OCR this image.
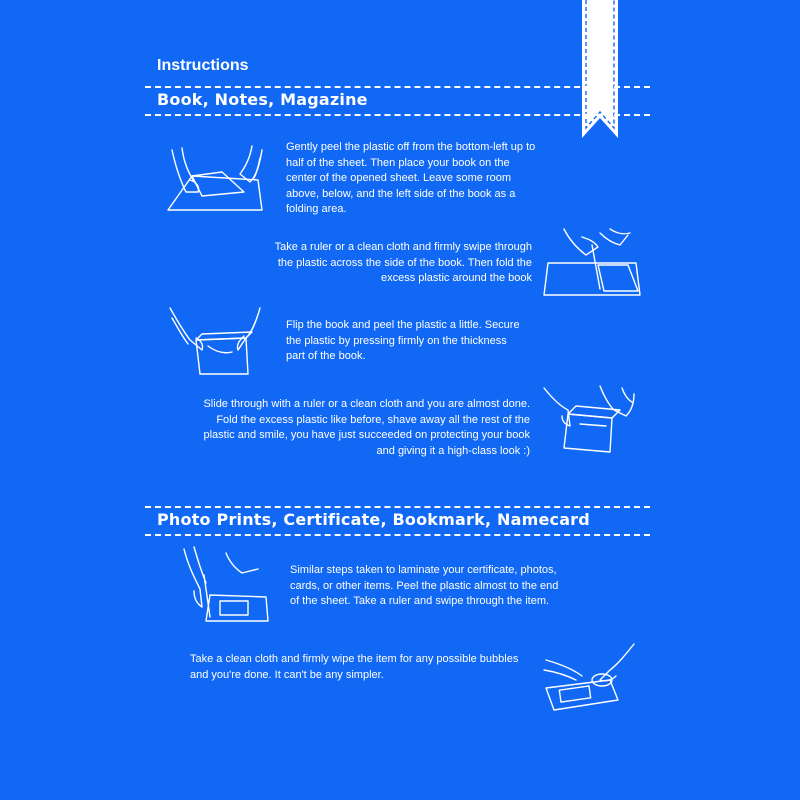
Instructions
Book, Notes, Magazine

Gently peel the plastic off from the bottom-left up to half of the sheet. Then place your book on the center of the opened sheet. Leave some room above, below, and the left side of the book as a folding area.

Take a ruler or a clean cloth and firmly swipe through the plastic across the side of the book. Then fold the excess plastic around the book

Flip the book and peel the plastic a little. Secure the plastic by pressing firmly on the thickness part of the book.

Slide through with a ruler or a clean cloth and you are almost done. Fold the excess plastic like before, shave away all the rest of the plastic and smile, you have just succeeded on protecting your book and giving it a high-class look :)

Photo Prints, Certificate, Bookmark, Namecard

Similar steps taken to laminate your certificate, photos, cards, or other items. Peel the plastic almost to the end of the sheet. Take a ruler and swipe through the item.

Take a clean cloth and firmly wipe the item for any possible bubbles and you're done. It can't be any simpler.
